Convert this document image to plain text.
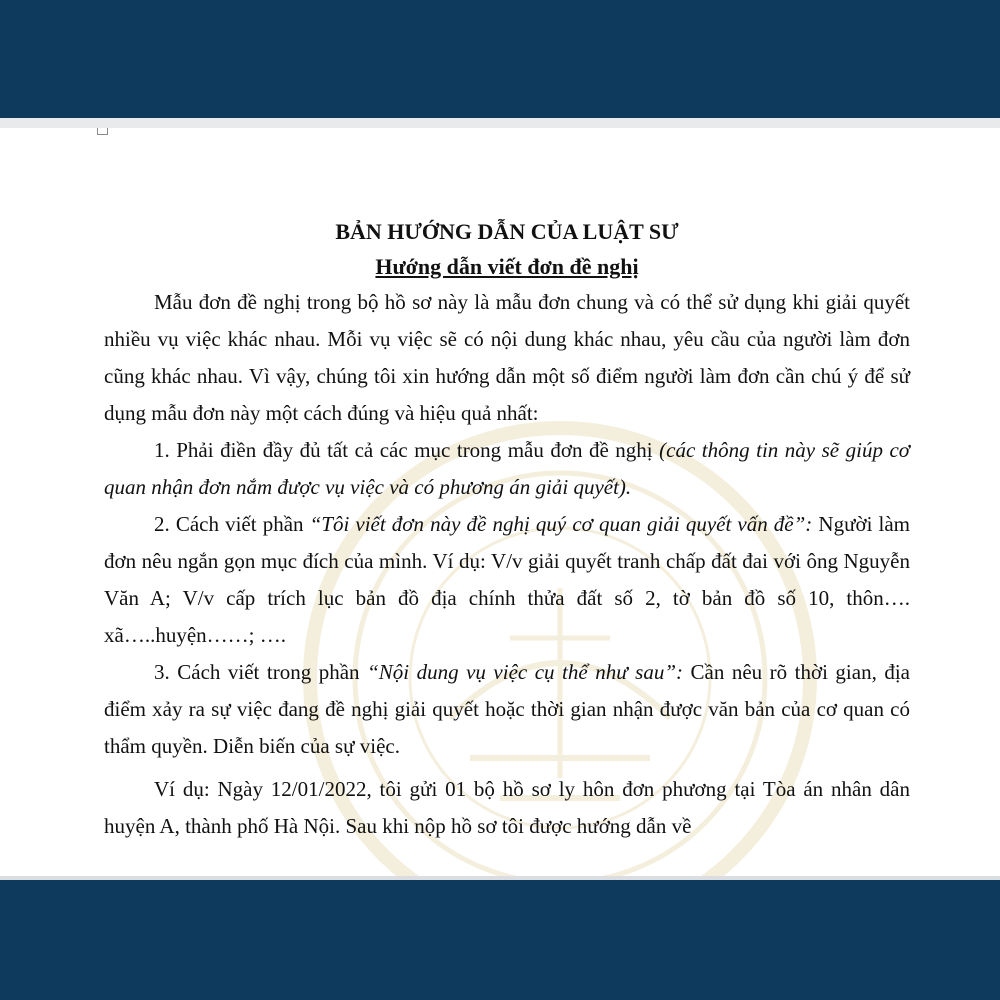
BẢN HƯỚNG DẪN CỦA LUẬT SƯ

Hướng dẫn viết đơn đề nghị

Mẫu đơn đề nghị trong bộ hồ sơ này là mẫu đơn chung và có thể sử dụng khi giải quyết nhiều vụ việc khác nhau. Mỗi vụ việc sẽ có nội dung khác nhau, yêu cầu của người làm đơn cũng khác nhau. Vì vậy, chúng tôi xin hướng dẫn một số điểm người làm đơn cần chú ý để sử dụng mẫu đơn này một cách đúng và hiệu quả nhất:

1. Phải điền đầy đủ tất cả các mục trong mẫu đơn đề nghị (các thông tin này sẽ giúp cơ quan nhận đơn nắm được vụ việc và có phương án giải quyết).

2. Cách viết phần “Tôi viết đơn này đề nghị quý cơ quan giải quyết vấn đề”: Người làm đơn nêu ngắn gọn mục đích của mình. Ví dụ: V/v giải quyết tranh chấp đất đai với ông Nguyễn Văn A; V/v cấp trích lục bản đồ địa chính thửa đất số 2, tờ bản đồ số 10, thôn…. xã…..huyện……; ….

3. Cách viết trong phần “Nội dung vụ việc cụ thể như sau”: Cần nêu rõ thời gian, địa điểm xảy ra sự việc đang đề nghị giải quyết hoặc thời gian nhận được văn bản của cơ quan có thẩm quyền. Diễn biến của sự việc.

Ví dụ: Ngày 12/01/2022, tôi gửi 01 bộ hồ sơ ly hôn đơn phương tại Tòa án nhân dân huyện A, thành phố Hà Nội. Sau khi nộp hồ sơ tôi được hướng dẫn về
